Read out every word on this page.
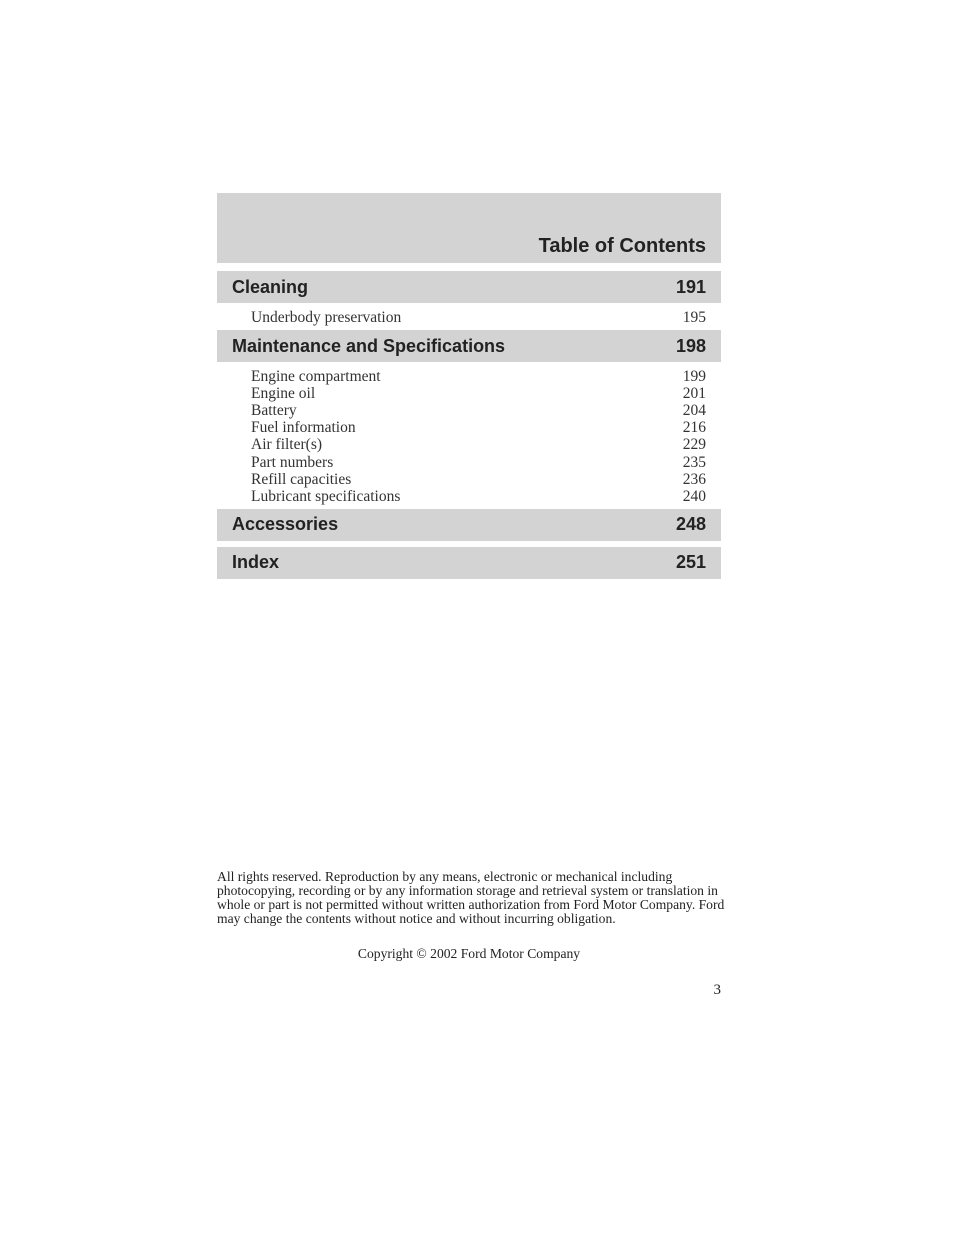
Table of Contents
Cleaning	191
Underbody preservation	195
Maintenance and Specifications	198
Engine compartment	199
Engine oil	201
Battery	204
Fuel information	216
Air filter(s)	229
Part numbers	235
Refill capacities	236
Lubricant specifications	240
Accessories	248
Index	251
All rights reserved. Reproduction by any means, electronic or mechanical including photocopying, recording or by any information storage and retrieval system or translation in whole or part is not permitted without written authorization from Ford Motor Company. Ford may change the contents without notice and without incurring obligation.
Copyright © 2002 Ford Motor Company
3
